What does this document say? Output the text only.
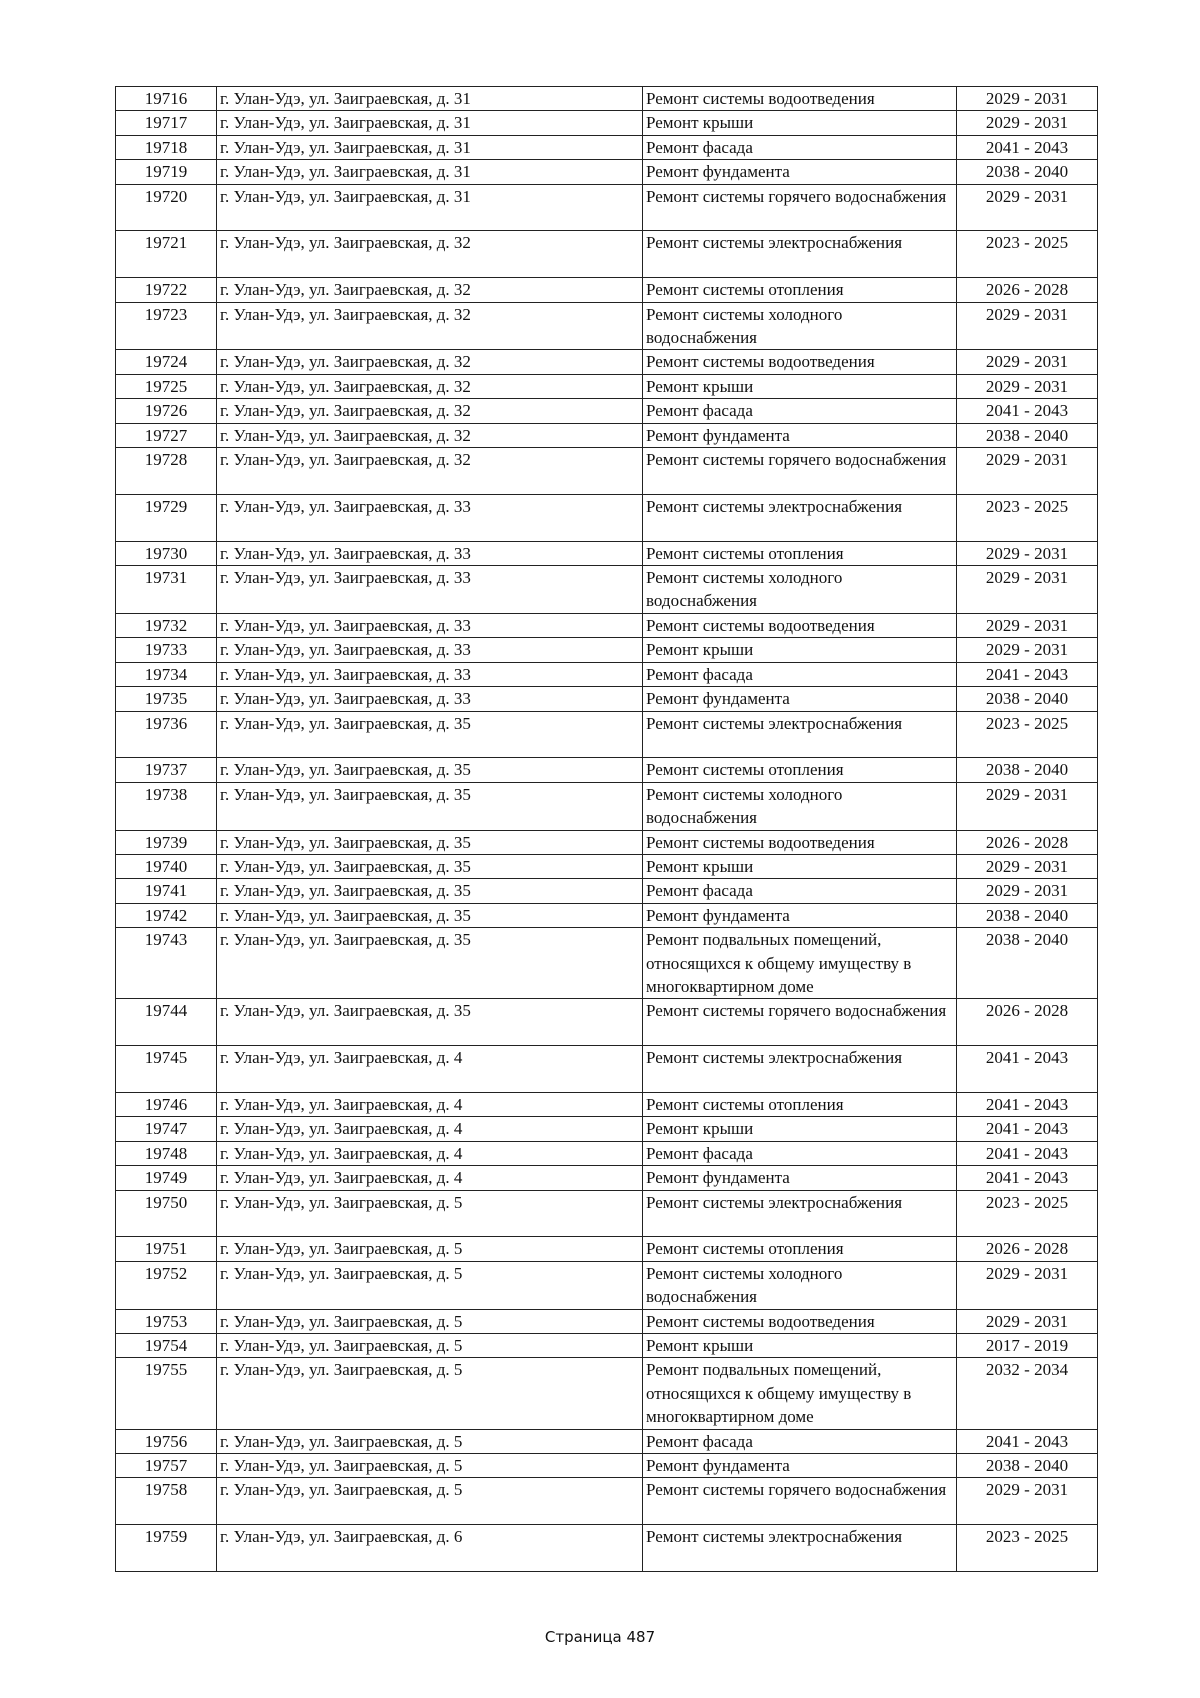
19716	г. Улан-Удэ, ул. Заиграевская, д. 31	Ремонт системы водоотведения	2029 - 2031
19717	г. Улан-Удэ, ул. Заиграевская, д. 31	Ремонт крыши	2029 - 2031
19718	г. Улан-Удэ, ул. Заиграевская, д. 31	Ремонт фасада	2041 - 2043
19719	г. Улан-Удэ, ул. Заиграевская, д. 31	Ремонт фундамента	2038 - 2040
19720	г. Улан-Удэ, ул. Заиграевская, д. 31	Ремонт системы горячего водоснабжения	2029 - 2031
19721	г. Улан-Удэ, ул. Заиграевская, д. 32	Ремонт системы электроснабжения	2023 - 2025
19722	г. Улан-Удэ, ул. Заиграевская, д. 32	Ремонт системы отопления	2026 - 2028
19723	г. Улан-Удэ, ул. Заиграевская, д. 32	Ремонт системы холодного водоснабжения	2029 - 2031
19724	г. Улан-Удэ, ул. Заиграевская, д. 32	Ремонт системы водоотведения	2029 - 2031
19725	г. Улан-Удэ, ул. Заиграевская, д. 32	Ремонт крыши	2029 - 2031
19726	г. Улан-Удэ, ул. Заиграевская, д. 32	Ремонт фасада	2041 - 2043
19727	г. Улан-Удэ, ул. Заиграевская, д. 32	Ремонт фундамента	2038 - 2040
19728	г. Улан-Удэ, ул. Заиграевская, д. 32	Ремонт системы горячего водоснабжения	2029 - 2031
19729	г. Улан-Удэ, ул. Заиграевская, д. 33	Ремонт системы электроснабжения	2023 - 2025
19730	г. Улан-Удэ, ул. Заиграевская, д. 33	Ремонт системы отопления	2029 - 2031
19731	г. Улан-Удэ, ул. Заиграевская, д. 33	Ремонт системы холодного водоснабжения	2029 - 2031
19732	г. Улан-Удэ, ул. Заиграевская, д. 33	Ремонт системы водоотведения	2029 - 2031
19733	г. Улан-Удэ, ул. Заиграевская, д. 33	Ремонт крыши	2029 - 2031
19734	г. Улан-Удэ, ул. Заиграевская, д. 33	Ремонт фасада	2041 - 2043
19735	г. Улан-Удэ, ул. Заиграевская, д. 33	Ремонт фундамента	2038 - 2040
19736	г. Улан-Удэ, ул. Заиграевская, д. 35	Ремонт системы электроснабжения	2023 - 2025
19737	г. Улан-Удэ, ул. Заиграевская, д. 35	Ремонт системы отопления	2038 - 2040
19738	г. Улан-Удэ, ул. Заиграевская, д. 35	Ремонт системы холодного водоснабжения	2029 - 2031
19739	г. Улан-Удэ, ул. Заиграевская, д. 35	Ремонт системы водоотведения	2026 - 2028
19740	г. Улан-Удэ, ул. Заиграевская, д. 35	Ремонт крыши	2029 - 2031
19741	г. Улан-Удэ, ул. Заиграевская, д. 35	Ремонт фасада	2029 - 2031
19742	г. Улан-Удэ, ул. Заиграевская, д. 35	Ремонт фундамента	2038 - 2040
19743	г. Улан-Удэ, ул. Заиграевская, д. 35	Ремонт подвальных помещений, относящихся к общему имуществу в многоквартирном доме	2038 - 2040
19744	г. Улан-Удэ, ул. Заиграевская, д. 35	Ремонт системы горячего водоснабжения	2026 - 2028
19745	г. Улан-Удэ, ул. Заиграевская, д. 4	Ремонт системы электроснабжения	2041 - 2043
19746	г. Улан-Удэ, ул. Заиграевская, д. 4	Ремонт системы отопления	2041 - 2043
19747	г. Улан-Удэ, ул. Заиграевская, д. 4	Ремонт крыши	2041 - 2043
19748	г. Улан-Удэ, ул. Заиграевская, д. 4	Ремонт фасада	2041 - 2043
19749	г. Улан-Удэ, ул. Заиграевская, д. 4	Ремонт фундамента	2041 - 2043
19750	г. Улан-Удэ, ул. Заиграевская, д. 5	Ремонт системы электроснабжения	2023 - 2025
19751	г. Улан-Удэ, ул. Заиграевская, д. 5	Ремонт системы отопления	2026 - 2028
19752	г. Улан-Удэ, ул. Заиграевская, д. 5	Ремонт системы холодного водоснабжения	2029 - 2031
19753	г. Улан-Удэ, ул. Заиграевская, д. 5	Ремонт системы водоотведения	2029 - 2031
19754	г. Улан-Удэ, ул. Заиграевская, д. 5	Ремонт крыши	2017 - 2019
19755	г. Улан-Удэ, ул. Заиграевская, д. 5	Ремонт подвальных помещений, относящихся к общему имуществу в многоквартирном доме	2032 - 2034
19756	г. Улан-Удэ, ул. Заиграевская, д. 5	Ремонт фасада	2041 - 2043
19757	г. Улан-Удэ, ул. Заиграевская, д. 5	Ремонт фундамента	2038 - 2040
19758	г. Улан-Удэ, ул. Заиграевская, д. 5	Ремонт системы горячего водоснабжения	2029 - 2031
19759	г. Улан-Удэ, ул. Заиграевская, д. 6	Ремонт системы электроснабжения	2023 - 2025
Страница 487
